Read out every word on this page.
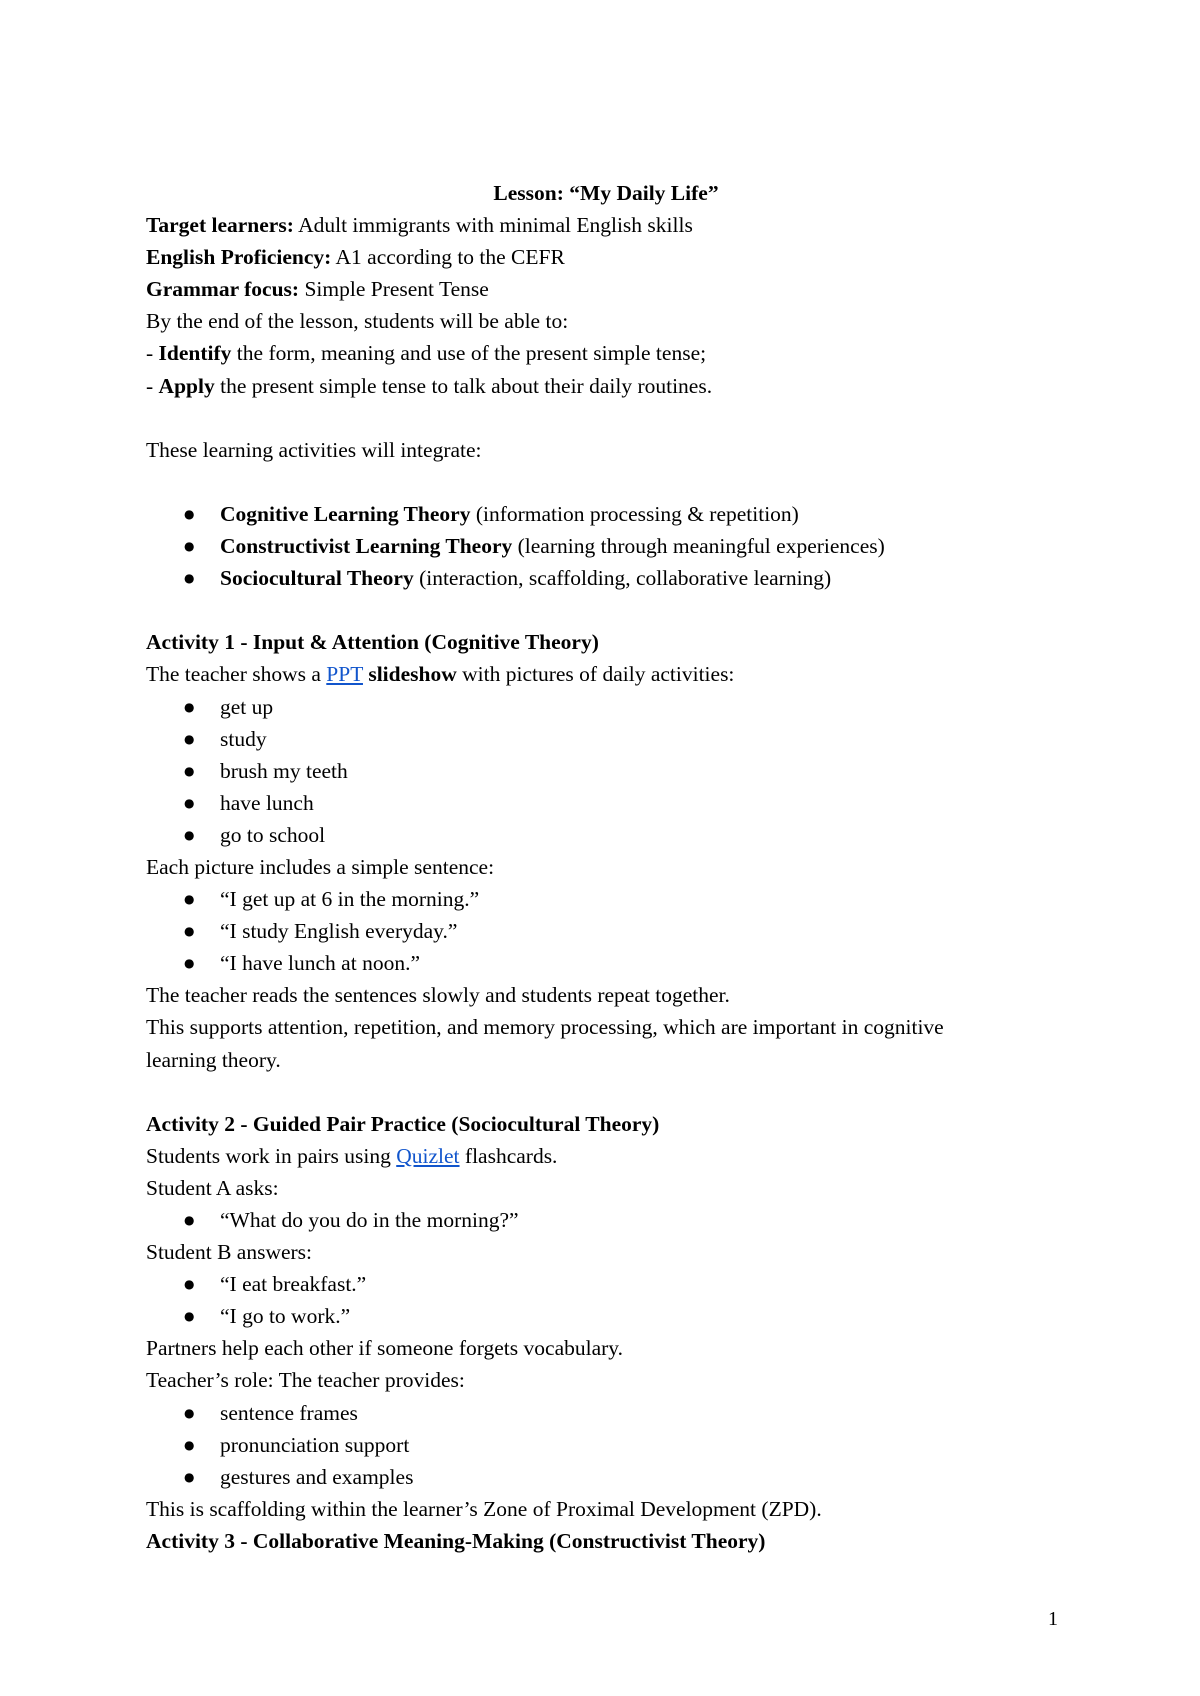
Lesson: “My Daily Life”

Target learners: Adult immigrants with minimal English skills

English Proficiency: A1 according to the CEFR

Grammar focus: Simple Present Tense

By the end of the lesson, students will be able to:

- Identify the form, meaning and use of the present simple tense;

- Apply the present simple tense to talk about their daily routines.

These learning activities will integrate:

● Cognitive Learning Theory (information processing & repetition)
● Constructivist Learning Theory (learning through meaningful experiences)
● Sociocultural Theory (interaction, scaffolding, collaborative learning)

Activity 1 - Input & Attention (Cognitive Theory)

The teacher shows a PPT slideshow with pictures of daily activities:

● get up
● study
● brush my teeth
● have lunch
● go to school

Each picture includes a simple sentence:

● “I get up at 6 in the morning.”
● “I study English everyday.”
● “I have lunch at noon.”

The teacher reads the sentences slowly and students repeat together.

This supports attention, repetition, and memory processing, which are important in cognitive

learning theory.

Activity 2 - Guided Pair Practice (Sociocultural Theory)

Students work in pairs using Quizlet flashcards.

Student A asks:

● “What do you do in the morning?”

Student B answers:

● “I eat breakfast.”
● “I go to work.”

Partners help each other if someone forgets vocabulary.

Teacher’s role: The teacher provides:

● sentence frames
● pronunciation support
● gestures and examples

This is scaffolding within the learner’s Zone of Proximal Development (ZPD).

Activity 3 - Collaborative Meaning-Making (Constructivist Theory)

1
